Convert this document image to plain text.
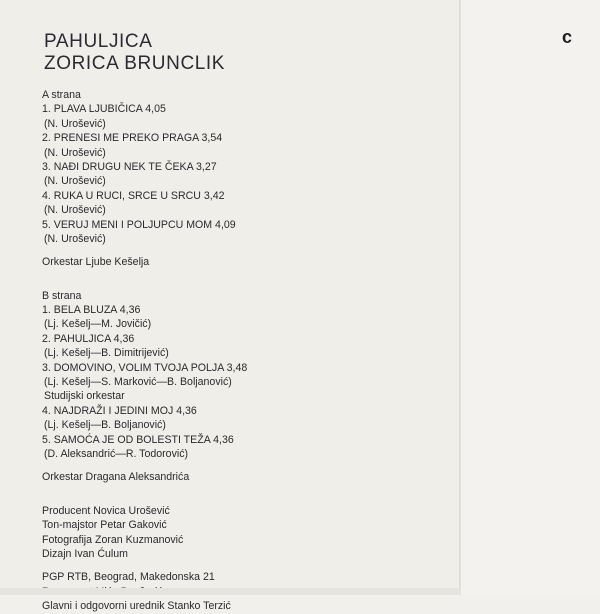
ɔ
PAHULJICA
ZORICA BRUNCLIK
A strana
1. PLAVA LJUBIČICA 4,05
(N. Urošević)
2. PRENESI ME PREKO PRAGA 3,54
(N. Urošević)
3. NAĐI DRUGU NEK TE ČEKA 3,27
(N. Urošević)
4. RUKA U RUCI, SRCE U SRCU 3,42
(N. Urošević)
5. VERUJ MENI I POLJUPCU MOM 4,09
(N. Urošević)
Orkestar Ljube Kešelja
B strana
1. BELA BLUZA 4,36
(Lj. Kešelj—M. Jovičić)
2. PAHULJICA 4,36
(Lj. Kešelj—B. Dimitrijević)
3. DOMOVINO, VOLIM TVOJA POLJA 3,48
(Lj. Kešelj—S. Marković—B. Boljanović)
Studijski orkestar
4. NAJDRAŽI I JEDINI MOJ 4,36
(Lj. Kešelj—B. Boljanović)
5. SAMOĆA JE OD BOLESTI TEŽA 4,36
(D. Aleksandrić—R. Todorović)
Orkestar Dragana Aleksandrića
Producent Novica Urošević
Ton-majstor Petar Gaković
Fotografija Zoran Kuzmanović
Dizajn Ivan Ćulum
PGP RTB, Beograd, Makedonska 21
Glavni i odgovorni urednik Stanko Terzić
